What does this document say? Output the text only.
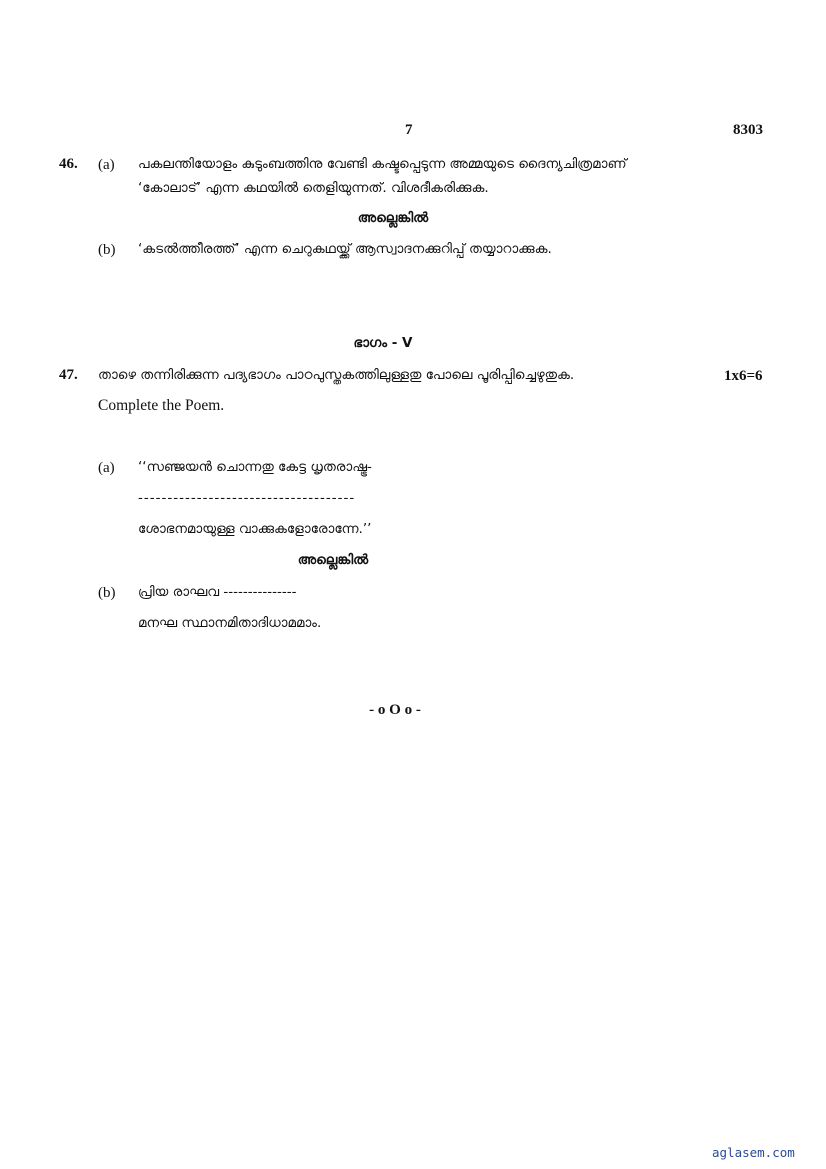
7	8303
46. (a) പകലന്തിയോളം കുടുംബത്തിനു വേണ്ടി കഷ്ടപ്പെടുന്ന അമ്മയുടെ ദൈന്യചിത്രമാണ്
‘കോലാട്’ എന്ന കഥയിൽ തെളിയുന്നത്. വിശദീകരിക്കുക.
അല്ലെങ്കിൽ
(b) ‘കടൽത്തീരത്ത്’ എന്ന ചെറുകഥയ്ക്ക് ആസ്വാദനക്കുറിപ്പ് തയ്യാറാക്കുക.
ഭാഗം - V
47. താഴെ തന്നിരിക്കുന്ന പദ്യഭാഗം പാഠപുസ്തകത്തിലുള്ളതു പോലെ പൂരിപ്പിച്ചെഴുതുക.	1x6=6
Complete the Poem.
(a) ‘‘സഞ്ജയൻ ചൊന്നതു കേട്ട ധൃതരാഷ്ട്ര-
-------------------------------------
ശോഭനമായുള്ള വാക്കുകളോരോന്നേ.’’
അല്ലെങ്കിൽ
(b) പ്രിയ രാഘവ ---------------
മനഘ സ്ഥാനമിതാദിധാമമാം.
- o O o -
aglasem.com
